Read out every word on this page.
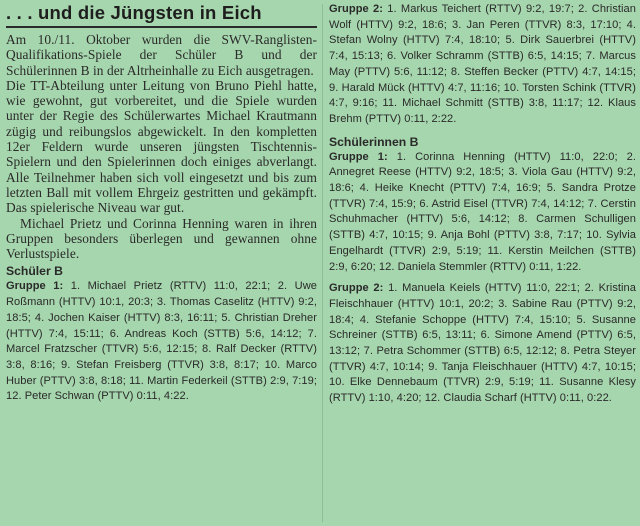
. . . und die Jüngsten in Eich

Am 10./11. Oktober wurden die SWV-Ranglisten-Qualifikations-Spiele der Schüler B und der Schülerinnen B in der Altrheinhalle zu Eich ausgetragen.

Die TT-Abteilung unter Leitung von Bruno Piehl hatte, wie gewohnt, gut vorbereitet, und die Spiele wurden unter der Regie des Schülerwartes Michael Krautmann zügig und reibungslos abgewickelt. In den kompletten 12er Feldern wurde unseren jüngsten Tischtennis-Spielern und den Spielerinnen doch einiges abverlangt. Alle Teilnehmer haben sich voll eingesetzt und bis zum letzten Ball mit vollem Ehrgeiz gestritten und gekämpft. Das spielerische Niveau war gut.

Michael Prietz und Corinna Henning waren in ihren Gruppen besonders überlegen und gewannen ohne Verlustspiele.

Schüler B
Gruppe 1: 1. Michael Prietz (RTTV) 11:0, 22:1; 2. Uwe Roßmann (HTTV) 10:1, 20:3; 3. Thomas Caselitz (HTTV) 9:2, 18:5; 4. Jochen Kaiser (HTTV) 8:3, 16:11; 5. Christian Dreher (HTTV) 7:4, 15:11; 6. Andreas Koch (STTB) 5:6, 14:12; 7. Marcel Fratzscher (TTVR) 5:6, 12:15; 8. Ralf Decker (RTTV) 3:8, 8:16; 9. Stefan Freisberg (TTVR) 3:8, 8:17; 10. Marco Huber (PTTV) 3:8, 8:18; 11. Martin Federkeil (STTB) 2:9, 7:19; 12. Peter Schwan (PTTV) 0:11, 4:22.
Gruppe 2: 1. Markus Teichert (RTTV) 9:2, 19:7; 2. Christian Wolf (HTTV) 9:2, 18:6; 3. Jan Peren (TTVR) 8:3, 17:10; 4. Stefan Wolny (HTTV) 7:4, 18:10; 5. Dirk Sauerbrei (HTTV) 7:4, 15:13; 6. Volker Schramm (STTB) 6:5, 14:15; 7. Marcus May (PTTV) 5:6, 11:12; 8. Steffen Becker (PTTV) 4:7, 14:15; 9. Harald Mück (HTTV) 4:7, 11:16; 10. Torsten Schink (TTVR) 4:7, 9:16; 11. Michael Schmitt (STTB) 3:8, 11:17; 12. Klaus Brehm (PTTV) 0:11, 2:22.
Schülerinnen B
Gruppe 1: 1. Corinna Henning (HTTV) 11:0, 22:0; 2. Annegret Reese (HTTV) 9:2, 18:5; 3. Viola Gau (HTTV) 9:2, 18:6; 4. Heike Knecht (PTTV) 7:4, 16:9; 5. Sandra Protze (TTVR) 7:4, 15:9; 6. Astrid Eisel (TTVR) 7:4, 14:12; 7. Cerstin Schuhmacher (HTTV) 5:6, 14:12; 8. Carmen Schulligen (STTB) 4:7, 10:15; 9. Anja Bohl (PTTV) 3:8, 7:17; 10. Sylvia Engelhardt (TTVR) 2:9, 5:19; 11. Kerstin Meilchen (STTB) 2:9, 6:20; 12. Daniela Stemmler (RTTV) 0:11, 1:22.
Gruppe 2: 1. Manuela Keiels (HTTV) 11:0, 22:1; 2. Kristina Fleischhauer (HTTV) 10:1, 20:2; 3. Sabine Rau (PTTV) 9:2, 18:4; 4. Stefanie Schoppe (HTTV) 7:4, 15:10; 5. Susanne Schreiner (STTB) 6:5, 13:11; 6. Simone Amend (PTTV) 6:5, 13:12; 7. Petra Schommer (STTB) 6:5, 12:12; 8. Petra Steyer (TTVR) 4:7, 10:14; 9. Tanja Fleischhauer (HTTV) 4:7, 10:15; 10. Elke Dennebaum (TTVR) 2:9, 5:19; 11. Susanne Klesy (RTTV) 1:10, 4:20; 12. Claudia Scharf (HTTV) 0:11, 0:22.
